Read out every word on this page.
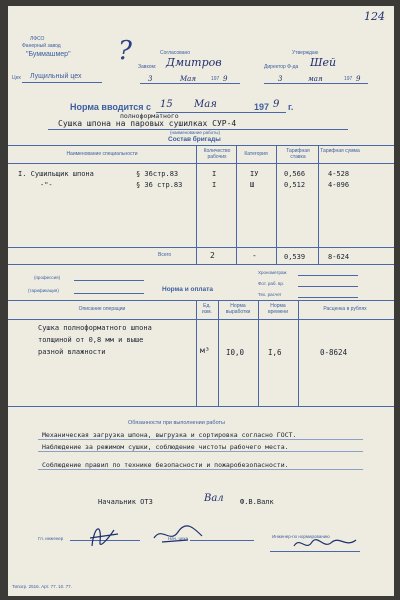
124
ЛФСО
Фанерный завод
"Буммашмер"
Цех Лущильный цех
?	Согласовано
Завком: Дмитров
3	Мая	197 9
Утверждаю
Директор Ф-да Шей
3	мая	197 9
Норма вводится с 15 Мая	197 9 г.
полноформатного
Сушка шпона на паровых сушилках СУР-4
(наименование работы)
Состав бригады
Наименование специальности	Количество рабочих	Категория	Тарифная ставка
Тарифная сумма
I. Сушильщик шпона	§ 36стр.83	I	IУ	0,566	4-528
-"-	§ 36 стр.83	I	Ш	0,512	4-096
Всего	2	-	0,539	8-624
(профессия)
(тарификация)
Хронометраж
Фот. раб. вр.
Тех. расчет
Норма и оплата
Описание операции	Ед. изм.
Норма выработки
Норма времени	Расценка в рублях
Сушка полноформатного шпона
толщиной от 0,8 мм и выше
разной влажности	м³ I0,0	I,6	0-8624
Обязанности при выполнении работы
Механическая загрузка шпона, выгрузка и сортировка согласно ГОСТ.
Наблюдение за режимом сушки, соблюдение чистоты рабочего места.
Соблюдение правил по технике безопасности и пожаробезопасности.
Начальник ОТЗ	Вал Ф.В.Валк
Гл. инженер	Нач. цеха	Инженер-по нормированию
Типогр. 2516. Арт. 77. 10. 77.
